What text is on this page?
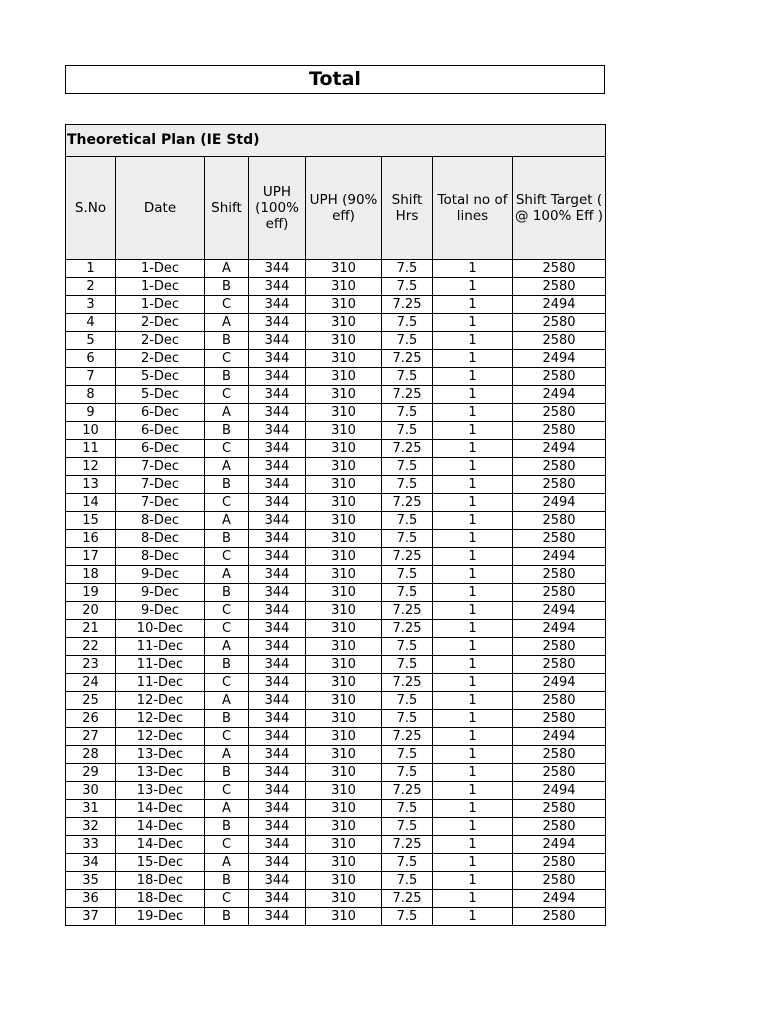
Total
Theoretical Plan (IE Std)							
S.No	Date	Shift	UPH (100% eff)	UPH (90% eff)	Shift Hrs	Total no of lines	Shift Target ( @ 100% Eff )
1	1-Dec	A	344	310	7.5	1	2580
2	1-Dec	B	344	310	7.5	1	2580
3	1-Dec	C	344	310	7.25	1	2494
4	2-Dec	A	344	310	7.5	1	2580
5	2-Dec	B	344	310	7.5	1	2580
6	2-Dec	C	344	310	7.25	1	2494
7	5-Dec	B	344	310	7.5	1	2580
8	5-Dec	C	344	310	7.25	1	2494
9	6-Dec	A	344	310	7.5	1	2580
10	6-Dec	B	344	310	7.5	1	2580
11	6-Dec	C	344	310	7.25	1	2494
12	7-Dec	A	344	310	7.5	1	2580
13	7-Dec	B	344	310	7.5	1	2580
14	7-Dec	C	344	310	7.25	1	2494
15	8-Dec	A	344	310	7.5	1	2580
16	8-Dec	B	344	310	7.5	1	2580
17	8-Dec	C	344	310	7.25	1	2494
18	9-Dec	A	344	310	7.5	1	2580
19	9-Dec	B	344	310	7.5	1	2580
20	9-Dec	C	344	310	7.25	1	2494
21	10-Dec	C	344	310	7.25	1	2494
22	11-Dec	A	344	310	7.5	1	2580
23	11-Dec	B	344	310	7.5	1	2580
24	11-Dec	C	344	310	7.25	1	2494
25	12-Dec	A	344	310	7.5	1	2580
26	12-Dec	B	344	310	7.5	1	2580
27	12-Dec	C	344	310	7.25	1	2494
28	13-Dec	A	344	310	7.5	1	2580
29	13-Dec	B	344	310	7.5	1	2580
30	13-Dec	C	344	310	7.25	1	2494
31	14-Dec	A	344	310	7.5	1	2580
32	14-Dec	B	344	310	7.5	1	2580
33	14-Dec	C	344	310	7.25	1	2494
34	15-Dec	A	344	310	7.5	1	2580
35	18-Dec	B	344	310	7.5	1	2580
36	18-Dec	C	344	310	7.25	1	2494
37	19-Dec	B	344	310	7.5	1	2580
